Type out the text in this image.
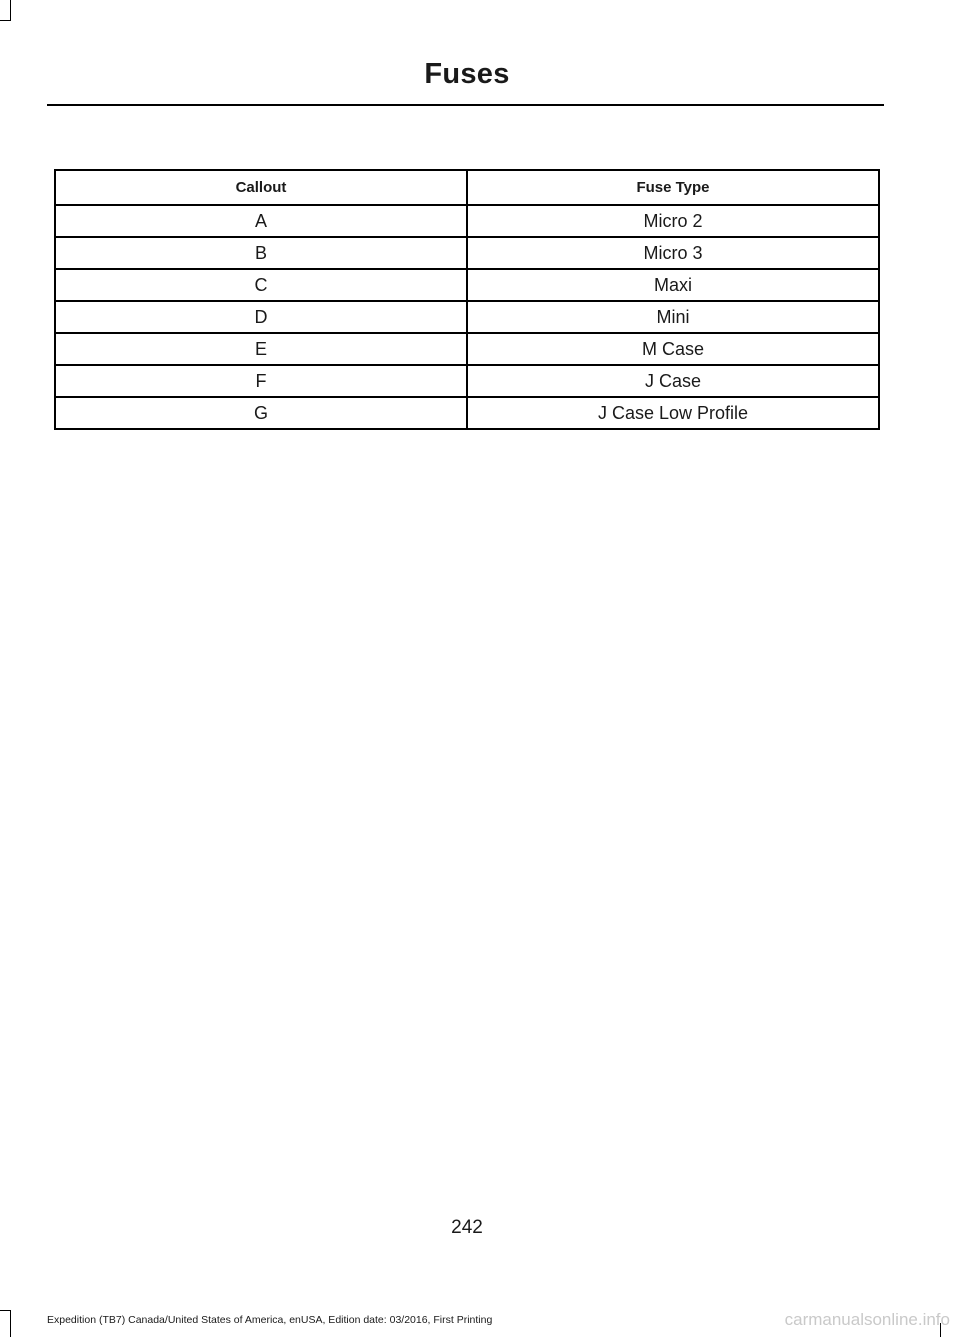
Fuses
Callout	Fuse Type
A	Micro 2
B	Micro 3
C	Maxi
D	Mini
E	M Case
F	J Case
G	J Case Low Profile
242
Expedition (TB7) Canada/United States of America, enUSA, Edition date: 03/2016, First Printing	carmanualsonline.info
